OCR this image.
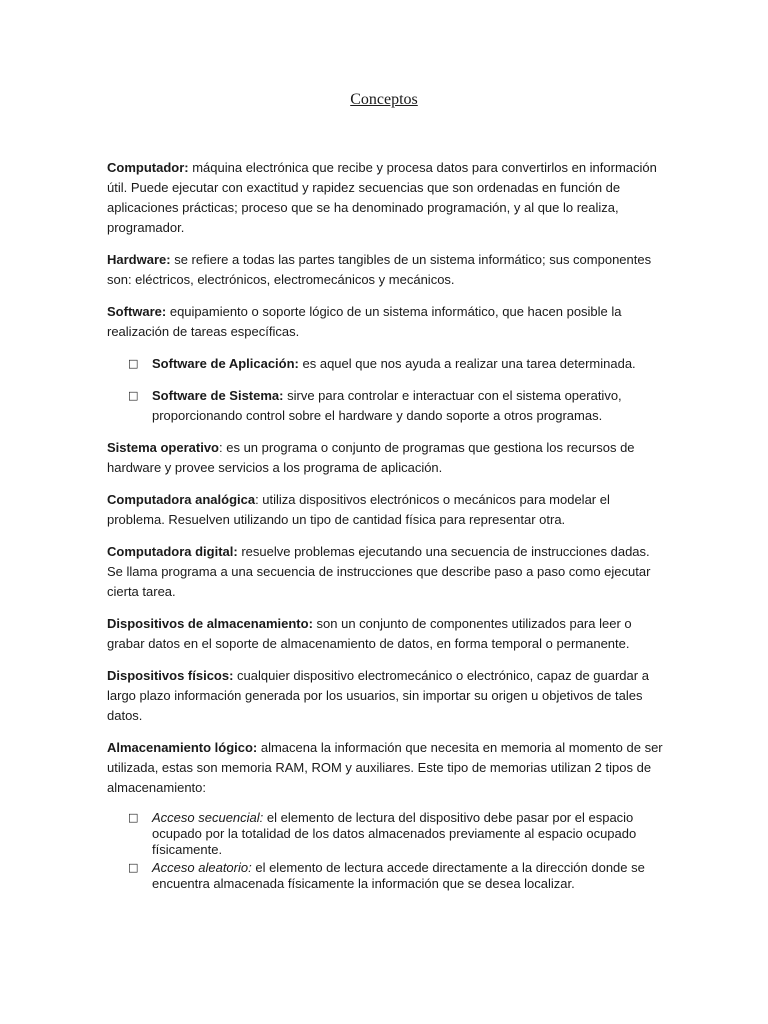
Conceptos

Computador: máquina electrónica que recibe y procesa datos para convertirlos en información útil. Puede ejecutar con exactitud y rapidez secuencias que son ordenadas en función de aplicaciones prácticas; proceso que se ha denominado programación, y al que lo realiza, programador.

Hardware: se refiere a todas las partes tangibles de un sistema informático; sus componentes son: eléctricos, electrónicos, electromecánicos y mecánicos.

Software: equipamiento o soporte lógico de un sistema informático, que hacen posible la realización de tareas específicas.

□ Software de Aplicación: es aquel que nos ayuda a realizar una tarea determinada.
□ Software de Sistema: sirve para controlar e interactuar con el sistema operativo, proporcionando control sobre el hardware y dando soporte a otros programas.

Sistema operativo: es un programa o conjunto de programas que gestiona los recursos de hardware y provee servicios a los programa de aplicación.

Computadora analógica: utiliza dispositivos electrónicos o mecánicos para modelar el problema. Resuelven utilizando un tipo de cantidad física para representar otra.

Computadora digital: resuelve problemas ejecutando una secuencia de instrucciones dadas. Se llama programa a una secuencia de instrucciones que describe paso a paso como ejecutar cierta tarea.

Dispositivos de almacenamiento: son un conjunto de componentes utilizados para leer o grabar datos en el soporte de almacenamiento de datos, en forma temporal o permanente.

Dispositivos físicos: cualquier dispositivo electromecánico o electrónico, capaz de guardar a largo plazo información generada por los usuarios, sin importar su origen u objetivos de tales datos.

Almacenamiento lógico: almacena la información que necesita en memoria al momento de ser utilizada, estas son memoria RAM, ROM y auxiliares. Este tipo de memorias utilizan 2 tipos de almacenamiento:

□ Acceso secuencial: el elemento de lectura del dispositivo debe pasar por el espacio ocupado por la totalidad de los datos almacenados previamente al espacio ocupado físicamente.
□ Acceso aleatorio: el elemento de lectura accede directamente a la dirección donde se encuentra almacenada físicamente la información que se desea localizar.
